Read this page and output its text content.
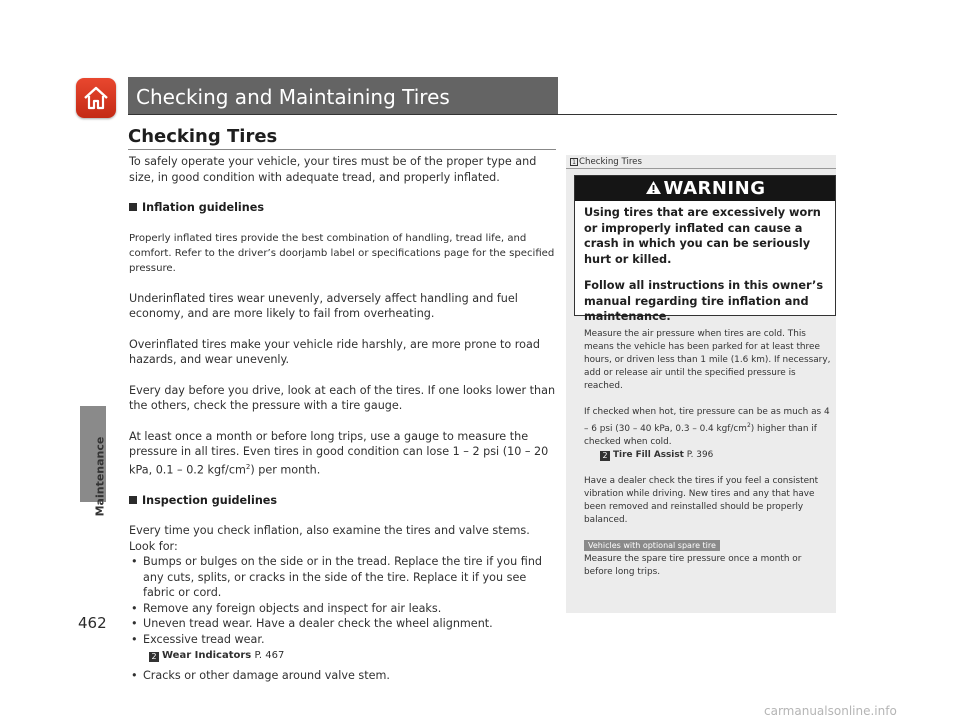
Maintenance
Checking and Maintaining Tires
Checking Tires

To safely operate your vehicle, your tires must be of the proper type and size, in good condition with adequate tread, and properly inflated.

Inflation guidelines

Properly inflated tires provide the best combination of handling, tread life, and comfort. Refer to the driver’s doorjamb label or specifications page for the specified pressure.

Underinflated tires wear unevenly, adversely affect handling and fuel economy, and are more likely to fail from overheating.

Overinflated tires make your vehicle ride harshly, are more prone to road hazards, and wear unevenly.

Every day before you drive, look at each of the tires. If one looks lower than the others, check the pressure with a tire gauge.

At least once a month or before long trips, use a gauge to measure the pressure in all tires. Even tires in good condition can lose 1 – 2 psi (10 – 20 kPa, 0.1 – 0.2 kgf/$cm^2$) per month.

Inspection guidelines

Every time you check inflation, also examine the tires and valve stems.

Look for:

• Bumps or bulges on the side or in the tread. Replace the tire if you find any cuts, splits, or cracks in the side of the tire. Replace it if you see fabric or cord.
• Remove any foreign objects and inspect for air leaks.
• Uneven tread wear. Have a dealer check the wheel alignment.
• Excessive tread wear.
2 Wear Indicators P. 467
• Cracks or other damage around valve stem.
1 Checking Tires
WARNING

Using tires that are excessively worn or improperly inflated can cause a crash in which you can be seriously hurt or killed.

Follow all instructions in this owner’s manual regarding tire inflation and maintenance.

Measure the air pressure when tires are cold. This means the vehicle has been parked for at least three hours, or driven less than 1 mile (1.6 km). If necessary, add or release air until the specified pressure is reached.

If checked when hot, tire pressure can be as much as 4 – 6 psi (30 – 40 kPa, 0.3 – 0.4 kgf/$cm^2$) higher than if checked when cold.

2 Tire Fill Assist P. 396

Have a dealer check the tires if you feel a consistent vibration while driving. New tires and any that have been removed and reinstalled should be properly balanced.

Vehicles with optional spare tire

Measure the spare tire pressure once a month or before long trips.

462
carmanualsonline.info
